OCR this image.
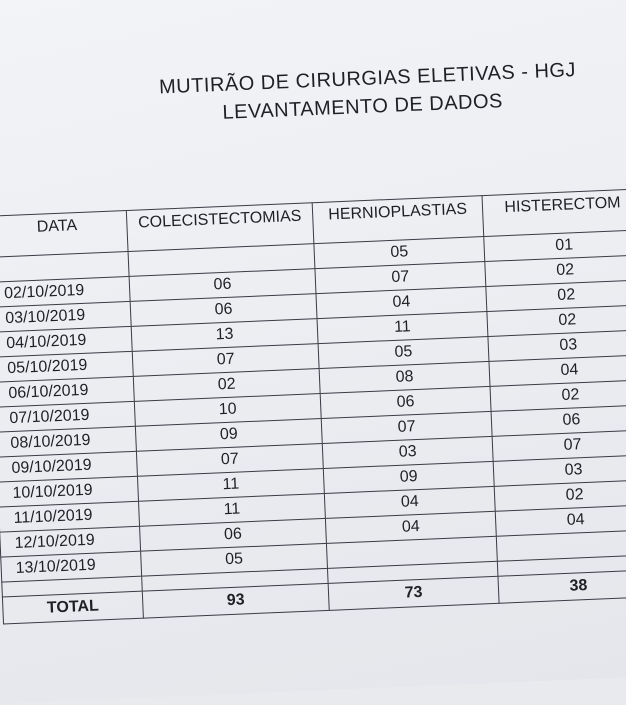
MUTIRÃO DE CIRURGIAS ELETIVAS - HGJ
LEVANTAMENTO DE DADOS
DATA	COLECISTECTOMIAS	HERNIOPLASTIAS	HISTERECTOM
		05	01
02/10/2019	06	07	02
03/10/2019	06	04	02
04/10/2019	13	11	02
05/10/2019	07	05	03
06/10/2019	02	08	04
07/10/2019	10	06	02
08/10/2019	09	07	06
09/10/2019	07	03	07
10/10/2019	11	09	03
11/10/2019	11	04	02
12/10/2019	06	04	04
13/10/2019	05		

TOTAL	93	73	38
